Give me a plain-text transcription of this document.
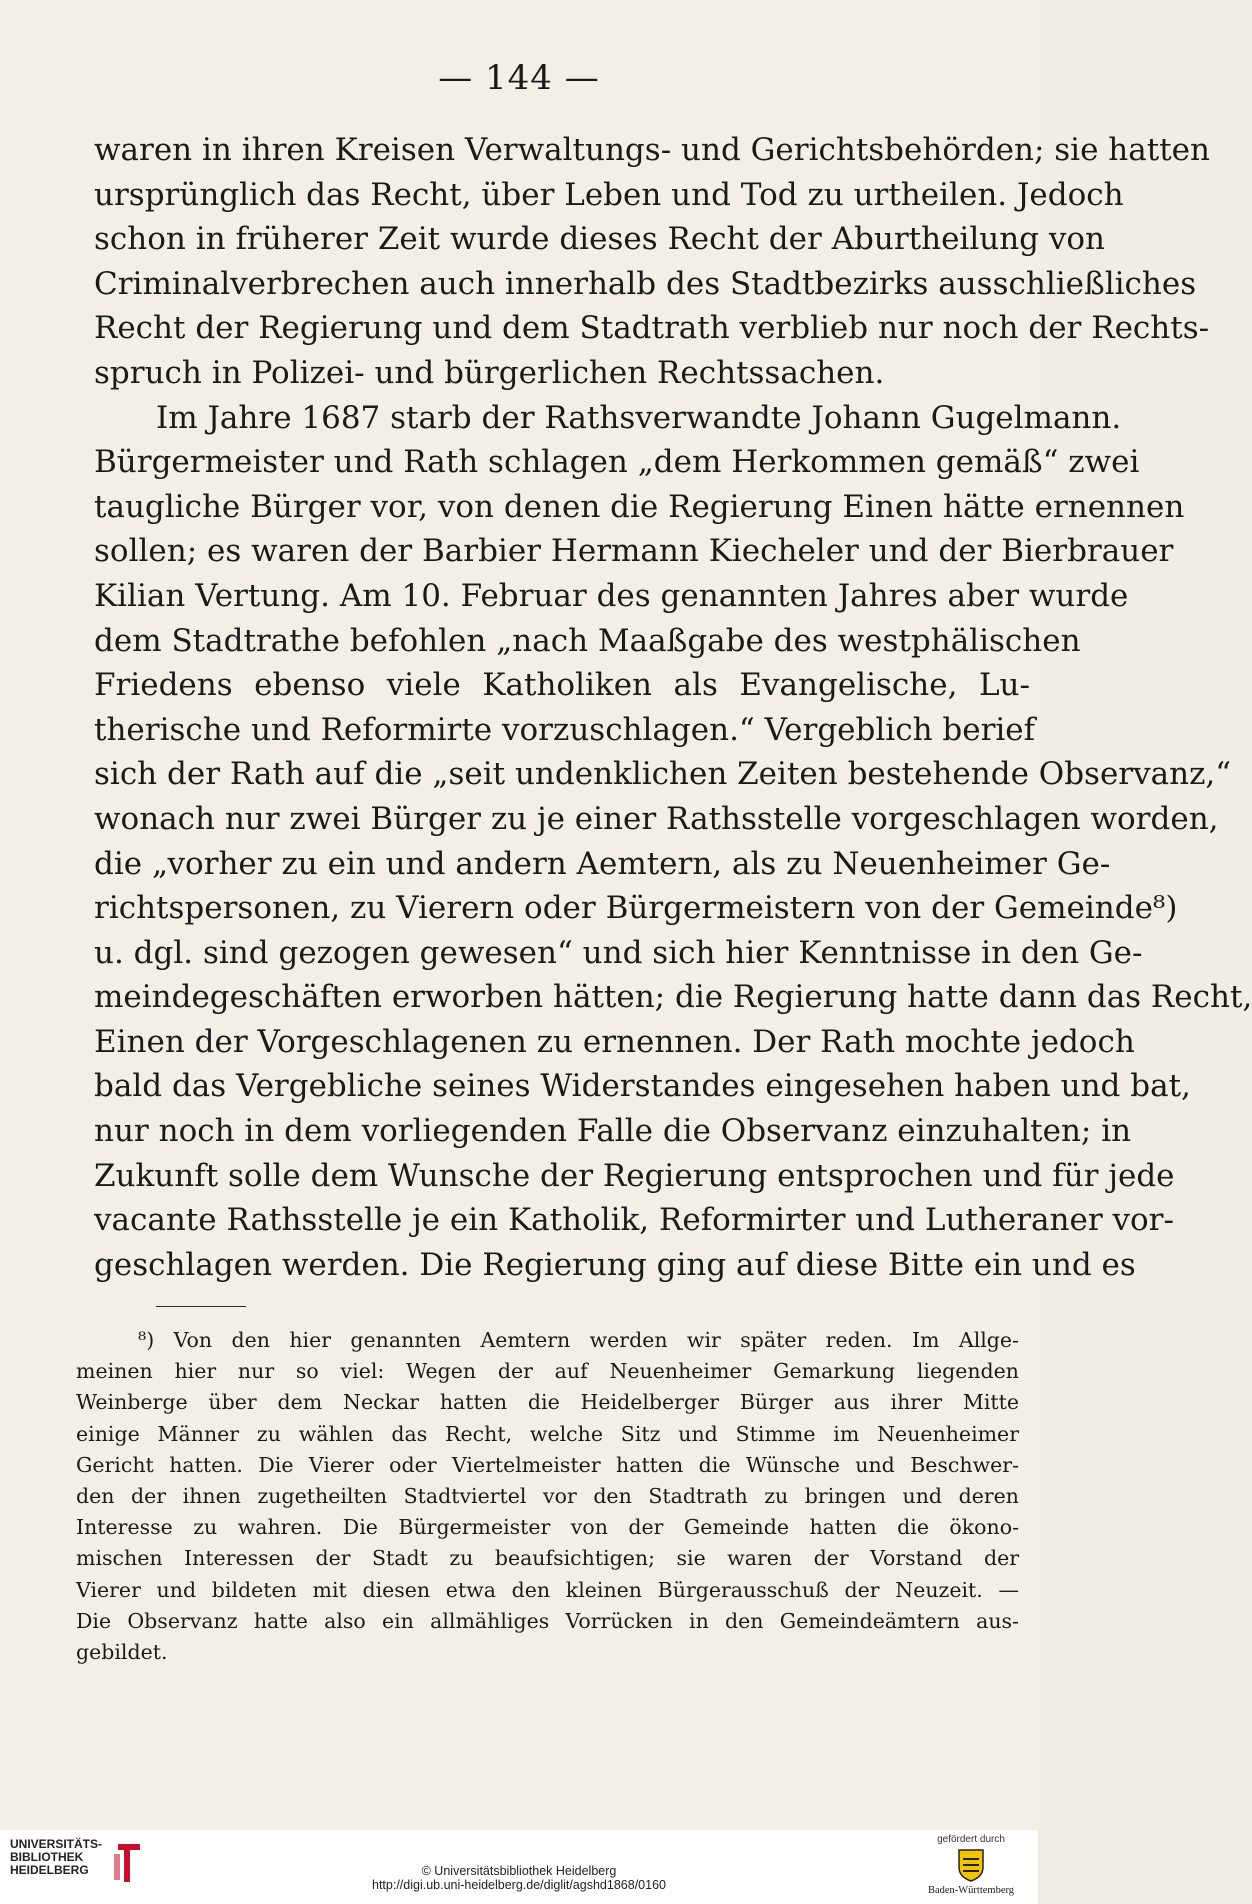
— 144 —
waren in ihren Kreisen Verwaltungs- und Gerichtsbehörden; sie hatten
ursprünglich das Recht, über Leben und Tod zu urtheilen. Jedoch
schon in früherer Zeit wurde dieses Recht der Aburtheilung von
Criminalverbrechen auch innerhalb des Stadtbezirks ausschließliches
Recht der Regierung und dem Stadtrath verblieb nur noch der Rechts-
spruch in Polizei- und bürgerlichen Rechtssachen.
Im Jahre 1687 starb der Rathsverwandte Johann Gugelmann.
Bürgermeister und Rath schlagen „dem Herkommen gemäß“ zwei
taugliche Bürger vor, von denen die Regierung Einen hätte ernennen
sollen; es waren der Barbier Hermann Kiecheler und der Bierbrauer
Kilian Vertung. Am 10. Februar des genannten Jahres aber wurde
dem Stadtrathe befohlen „nach Maaßgabe des westphälischen
Friedens ebenso viele Katholiken als Evangelische, Lu-
therische und Reformirte vorzuschlagen.“ Vergeblich berief
sich der Rath auf die „seit undenklichen Zeiten bestehende Observanz,“
wonach nur zwei Bürger zu je einer Rathsstelle vorgeschlagen worden,
die „vorher zu ein und andern Aemtern, als zu Neuenheimer Ge-
richtspersonen, zu Vierern oder Bürgermeistern von der Gemeinde⁸)
u. dgl. sind gezogen gewesen“ und sich hier Kenntnisse in den Ge-
meindegeschäften erworben hätten; die Regierung hatte dann das Recht,
Einen der Vorgeschlagenen zu ernennen. Der Rath mochte jedoch
bald das Vergebliche seines Widerstandes eingesehen haben und bat,
nur noch in dem vorliegenden Falle die Observanz einzuhalten; in
Zukunft solle dem Wunsche der Regierung entsprochen und für jede
vacante Rathsstelle je ein Katholik, Reformirter und Lutheraner vor-
geschlagen werden. Die Regierung ging auf diese Bitte ein und es
⁸) Von den hier genannten Aemtern werden wir später reden. Im Allge-
meinen hier nur so viel: Wegen der auf Neuenheimer Gemarkung liegenden
Weinberge über dem Neckar hatten die Heidelberger Bürger aus ihrer Mitte
einige Männer zu wählen das Recht, welche Sitz und Stimme im Neuenheimer
Gericht hatten. Die Vierer oder Viertelmeister hatten die Wünsche und Beschwer-
den der ihnen zugetheilten Stadtviertel vor den Stadtrath zu bringen und deren
Interesse zu wahren. Die Bürgermeister von der Gemeinde hatten die ökono-
mischen Interessen der Stadt zu beaufsichtigen; sie waren der Vorstand der
Vierer und bildeten mit diesen etwa den kleinen Bürgerausschuß der Neuzeit. —
Die Observanz hatte also ein allmähliges Vorrücken in den Gemeindeämtern aus-
gebildet.
UNIVERSITÄTS-
BIBLIOTHEK
HEIDELBERG	© Universitätsbibliothek Heidelberg
http://digi.ub.uni-heidelberg.de/diglit/agshd1868/0160
gefördert durch
Baden-Württemberg
